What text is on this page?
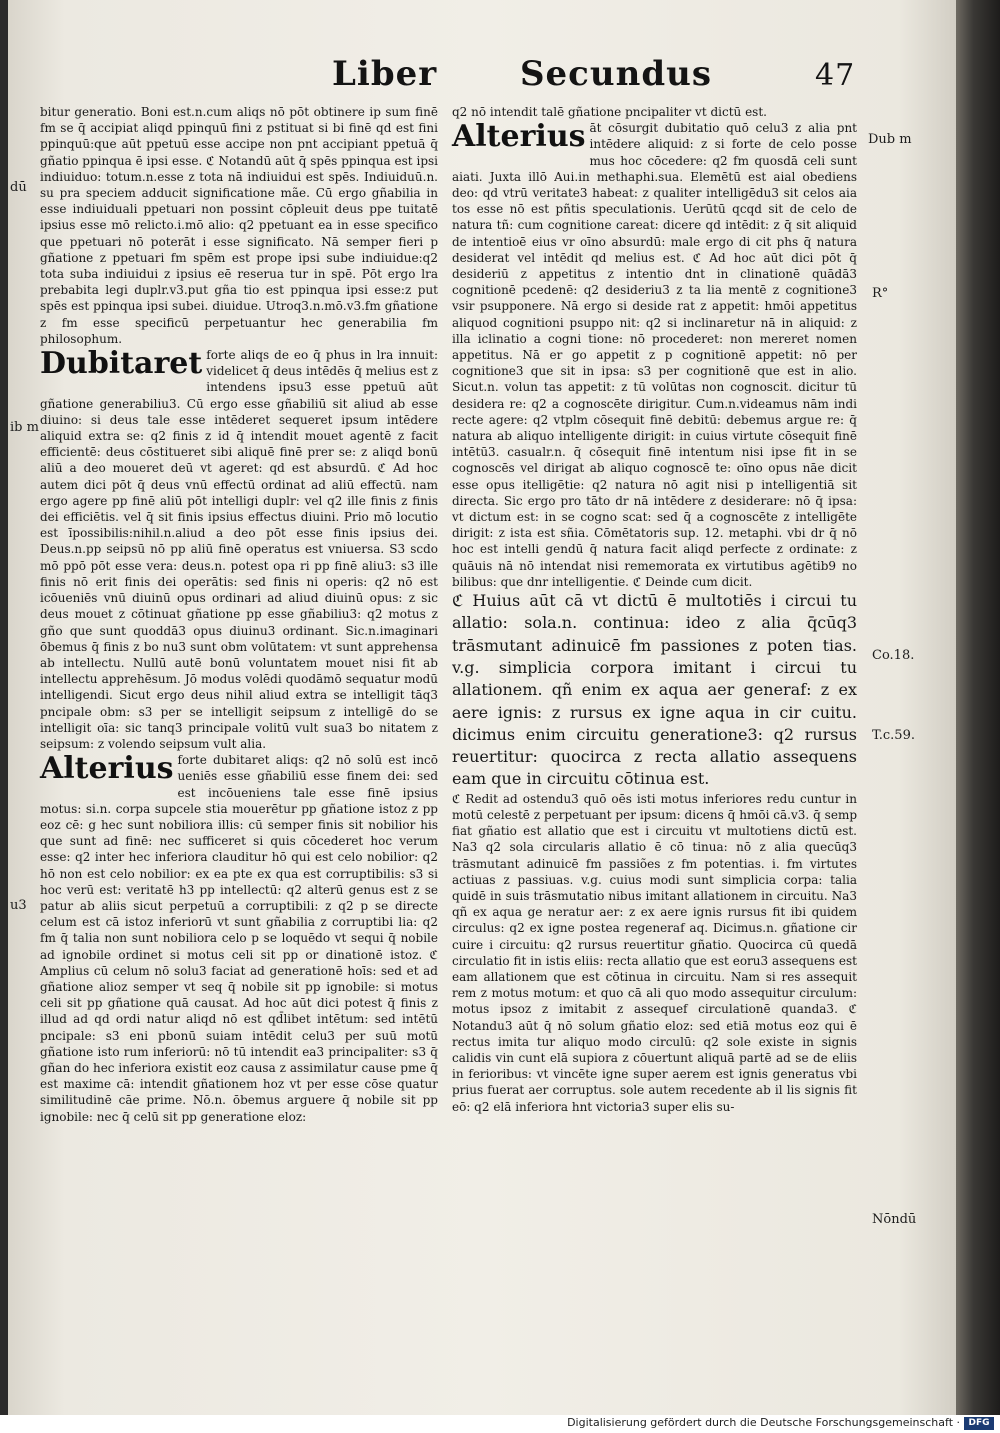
Liber Secundus	47

bitur generatio. Boni est.n.cum aliqs nō pōt obtinere ip sum finē fm se q̄ accipiat aliqd ppinquū fini z pstituat si bi finē qd est fini ppinquū:que aūt ppetuū esse accipe non pnt accipiant ppetuā q̄ gñatio ppinqua ē ipsi esse. ℭ Notandū aūt q̄ spēs ppinqua est ipsi indiuiduo: totum.n.esse z tota nā indiuidui est spēs. Indiuiduū.n. su pra speciem adducit significatione mãe. Cū ergo gñabilia in esse indiuiduali ppetuari non possint cōpleuit deus ppe tuitatē ipsius esse mō relicto.i.mō alio: q2 ppetuant ea in esse specifico que ppetuari nō poterāt i esse significato. Nā semper fieri p gñatione z ppetuari fm spēm est prope ipsi sube indiuidue:q2 tota suba indiuidui z ipsius eē reserua tur in spē. Pōt ergo lra prebabita legi duplr.v3.put gña tio est ppinqua ipsi esse:z put spēs est ppinqua ipsi subei. diuidue. Utroq3.n.mō.v3.fm gñatione z fm esse specificū perpetuantur hec generabilia fm philosophum.

Dubitaret forte aliqs de eo q̄ phus in lra innuit: videlicet q̄ deus intēdēs q̄ melius est z intendens ipsu3 esse ppetuū aūt gñatione generabiliu3. Cū ergo esse gñabiliū sit aliud ab esse diuino: si deus tale esse intēderet sequeret ipsum intēdere aliquid extra se: q2 finis z id q̄ intendit mouet agentē z facit efficientē: deus cōstitueret sibi aliquē finē prer se: z aliqd bonū aliū a deo moueret deū vt ageret: qd est absurdū. ℭ Ad hoc autem dici pōt q̄ deus vnū effectū ordinat ad aliū effectū. nam ergo agere pp finē aliū pōt intelligi duplr: vel q2 ille finis z finis dei efficiētis. vel q̄ sit finis ipsius effectus diuini. Prio mō locutio est īpossibilis:nihil.n.aliud a deo pōt esse finis ipsius dei. Deus.n.pp seipsū nō pp aliū finē operatus est vniuersa. S3 scdo mō ppō pōt esse vera: deus.n. potest opa ri pp finē aliu3: s3 ille finis nō erit finis dei operātis: sed finis ni operis: q2 nō est icōueniēs vnū diuinū opus ordinari ad aliud diuinū opus: z sic deus mouet z cōtinuat gñatione pp esse gñabiliu3: q2 motus z gño que sunt quoddā3 opus diuinu3 ordinant. Sic.n.imaginari ōbemus q̄ finis z bo nu3 sunt obm volūtatem: vt sunt apprehensa ab intellectu. Nullū autē bonū voluntatem mouet nisi fit ab intellectu apprehēsum. Jō modus volēdi quodāmō sequatur modū intelligendi. Sicut ergo deus nihil aliud extra se intelligit tāq3 pncipale obm: s3 per se intelligit seipsum z intelligē do se intelligit oīa: sic tanq3 principale volitū vult sua3 bo nitatem z seipsum: z volendo seipsum vult alia.

Alterius forte dubitaret aliqs: q2 nō solū est incō ueniēs esse gñabiliū esse finem dei: sed est incōueniens tale esse finē ipsius motus: si.n. corpa supcele stia mouerētur pp gñatione istoz z pp eoz cē: g hec sunt nobiliora illis: cū semper finis sit nobilior his que sunt ad finē: nec sufficeret si quis cōcederet hoc verum esse: q2 inter hec inferiora clauditur hō qui est celo nobilior: q2 hō non est celo nobilior: ex ea pte ex qua est corruptibilis: s3 si hoc verū est: veritatē h3 pp intellectū: q2 alterū genus est z se patur ab aliis sicut perpetuū a corruptibili: z q2 p se directe celum est cā istoz inferiorū vt sunt gñabilia z corruptibi lia: q2 fm q̄ talia non sunt nobiliora celo p se loquēdo vt sequi q̄ nobile ad ignobile ordinet si motus celi sit pp or dinationē istoz. ℭ Amplius cū celum nō solu3 faciat ad generationē hoīs: sed et ad gñatione alioz semper vt seq q̄ nobile sit pp ignobile: si motus celi sit pp gñatione quā causat. Ad hoc aūt dici potest q̄ finis z illud ad qd ordi natur aliqd nō est qd̄libet intētum: sed intētū pncipale: s3 eni pbonū suiam intēdit celu3 per suū motū gñatione isto rum inferiorū: nō tū intendit ea3 principaliter: s3 q̄ gñan do hec inferiora existit eoz causa z assimilatur cause pme q̄ est maxime cā: intendit gñationem hoz vt per esse cōse quatur similitudinē cāe prime. Nō.n. ōbemus arguere q̄ nobile sit pp ignobile: nec q̄ celū sit pp generatione eloz:

q2 nō intendit talē gñatione pncipaliter vt dictū est.

Alterius āt cōsurgit dubitatio quō celu3 z alia pnt intēdere aliquid: z si forte de celo posse mus hoc cōcedere: q2 fm quosdā celi sunt aiati. Juxta illō Aui.in methaphi.sua. Elemētū est aial obediens deo: qd vtrū veritate3 habeat: z qualiter intelligēdu3 sit celos aia tos esse nō est pñtis speculationis. Uerūtū qcqd sit de celo de natura tñ: cum cognitione careat: dicere qd intēdit: z q̄ sit aliquid de intentioē eius vr oīno absurdū: male ergo di cit phs q̄ natura desiderat vel intēdit qd melius est. ℭ Ad hoc aūt dici pōt q̄ desideriū z appetitus z intentio dnt in clinationē quādā3 cognitionē pcedenē: q2 desideriu3 z ta lia mentē z cognitione3 vsir psupponere. Nā ergo si deside rat z appetit: hmōi appetitus aliquod cognitioni psuppo nit: q2 si inclinaretur nā in aliquid: z illa iclinatio a cogni tione: nō procederet: non mereret nomen appetitus. Nā er go appetit z p cognitionē appetit: nō per cognitione3 que sit in ipsa: s3 per cognitionē que est in alio. Sicut.n. volun tas appetit: z tū volūtas non cognoscit. dicitur tū desidera re: q2 a cognoscēte dirigitur. Cum.n.videamus nām indi recte agere: q2 vtplm cōsequit finē debitū: debemus argue re: q̄ natura ab aliquo intelligente dirigit: in cuius virtute cōsequit finē intētū3. casualr.n. q̄ cōsequit finē intentum nisi ipse fit in se cognoscēs vel dirigat ab aliquo cognoscē te: oīno opus nāe dicit esse opus itelligētie: q2 natura nō agit nisi p intelligentiā sit directa. Sic ergo pro tāto dr nā intēdere z desiderare: nō q̄ ipsa: vt dictum est: in se cogno scat: sed q̄ a cognoscēte z intelligēte dirigit: z ista est sñia. Cōmētatoris sup. 12. metaphi. vbi dr q̄ nō hoc est intelli gendū q̄ natura facit aliqd perfecte z ordinate: z quāuis nā nō intendat nisi rememorata ex virtutibus agētib9 no bilibus: que dnr intelligentie. ℭ Deinde cum dicit.

ℭ Huius aūt cā vt dictū ē multotiēs i circui tu allatio: sola.n. continua: ideo z alia q̄cūq3 trāsmutant adinuicē fm passiones z poten tias. v.g. simplicia corpora imitant i circui tu allationem. qñ enim ex aqua aer generaf: z ex aere ignis: z rursus ex igne aqua in cir cuitu. dicimus enim circuitu generatione3: q2 rursus reuertitur: quocirca z recta allatio assequens eam que in circuitu cōtinua est.

ℭ Redit ad ostendu3 quō oēs isti motus inferiores redu cuntur in motū celestē z perpetuant per ipsum: dicens q̄ hmōi cā.v3. q̄ semp fiat gñatio est allatio que est i circuitu vt multotiens dictū est. Na3 q2 sola circularis allatio ē cō tinua: nō z alia quecūq3 trāsmutant adinuicē fm passiões z fm potentias. i. fm virtutes actiuas z passiuas. v.g. cuius modi sunt simplicia corpa: talia quidē in suis trāsmutatio nibus imitant allationem in circuitu. Na3 qñ ex aqua ge neratur aer: z ex aere ignis rursus fit ibi quidem circulus: q2 ex igne postea regeneraf aq. Dicimus.n. gñatione cir cuire i circuitu: q2 rursus reuertitur gñatio. Quocirca cū quedā circulatio fit in istis eliis: recta allatio que est eoru3 assequens est eam allationem que est cōtinua in circuitu. Nam si res assequit rem z motus motum: et quo cā ali quo modo assequitur circulum: motus ipsoz z imitabit z assequef circulationē quanda3. ℭ Notandu3 aūt q̄ nō solum gñatio eloz: sed etiā motus eoz qui ē rectus imita tur aliquo modo circulū: q2 sole existe in signis calidis vin cunt elā supiora z cōuertunt aliquā partē ad se de eliis in ferioribus: vt vincēte igne super aerem est ignis generatus vbi prius fuerat aer corruptus. sole autem recedente ab il lis signis fit eō: q2 elā inferiora hnt victoria3 super elis su-

dū
ib m
u3
Dub m
R°
Co.18.
T.c.59.
Nōndū
Digitalisierung gefördert durch die Deutsche Forschungsgemeinschaft · DFG
